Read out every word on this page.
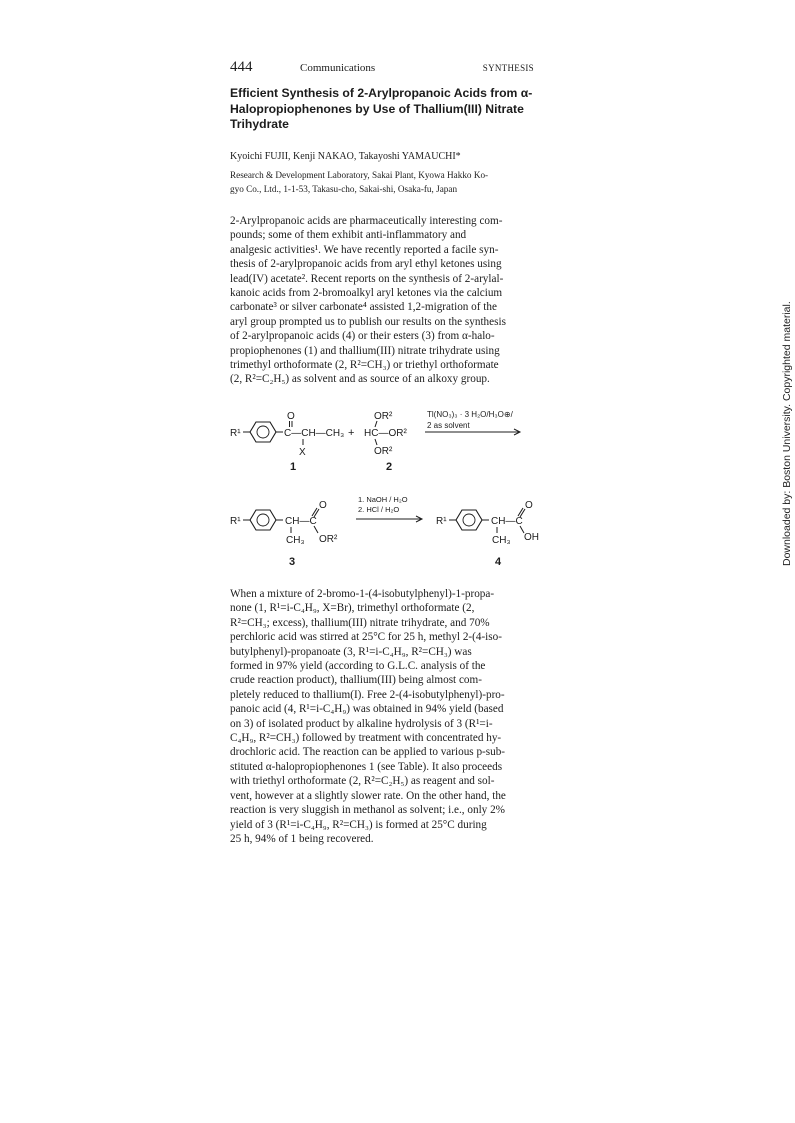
444	Communications	SYNTHESIS
Efficient Synthesis of 2-Arylpropanoic Acids from α-
Halopropiophenones by Use of Thallium(III) Nitrate
Trihydrate
Kyoichi FUJII, Kenji NAKAO, Takayoshi YAMAUCHI*
Research & Development Laboratory, Sakai Plant, Kyowa Hakko Ko-
gyo Co., Ltd., 1-1-53, Takasu-cho, Sakai-shi, Osaka-fu, Japan
2-Arylpropanoic acids are pharmaceutically interesting com-
pounds; some of them exhibit anti-inflammatory and
analgesic activities¹. We have recently reported a facile syn-
thesis of 2-arylpropanoic acids from aryl ethyl ketones using
lead(IV) acetate². Recent reports on the synthesis of 2-arylal-
kanoic acids from 2-bromoalkyl aryl ketones via the calcium
carbonate³ or silver carbonate⁴ assisted 1,2-migration of the
aryl group prompted us to publish our results on the synthesis
of 2-arylpropanoic acids (4) or their esters (3) from α-halo-
propiophenones (1) and thallium(III) nitrate trihydrate using
trimethyl orthoformate (2, R²=CH₃) or triethyl orthoformate
(2, R²=C₂H₅) as solvent and as source of an alkoxy group.
R¹
O
C—CH—CH₃
X
1
+
OR²
HC—OR²
OR²
2
Tl(NO₃)₃ · 3 H₂O/H₃O⊕/
2 as solvent
R¹	CH—C
O
OR²
CH₃
3
1. NaOH / H₂O
2. HCl / H₂O
R¹	CH—C
O
OH
CH₃
4
When a mixture of 2-bromo-1-(4-isobutylphenyl)-1-propa-
none (1, R¹=i-C₄H₉, X=Br), trimethyl orthoformate (2,
R²=CH₃; excess), thallium(III) nitrate trihydrate, and 70%
perchloric acid was stirred at 25°C for 25 h, methyl 2-(4-iso-
butylphenyl)-propanoate (3, R¹=i-C₄H₉, R²=CH₃) was
formed in 97% yield (according to G.L.C. analysis of the
crude reaction product), thallium(III) being almost com-
pletely reduced to thallium(I). Free 2-(4-isobutylphenyl)-pro-
panoic acid (4, R¹=i-C₄H₉) was obtained in 94% yield (based
on 3) of isolated product by alkaline hydrolysis of 3 (R¹=i-
C₄H₉, R²=CH₃) followed by treatment with concentrated hy-
drochloric acid. The reaction can be applied to various p-sub-
stituted α-halopropiophenones 1 (see Table). It also proceeds
with triethyl orthoformate (2, R²=C₂H₅) as reagent and sol-
vent, however at a slightly slower rate. On the other hand, the
reaction is very sluggish in methanol as solvent; i.e., only 2%
yield of 3 (R¹=i-C₄H₉, R²=CH₃) is formed at 25°C during
25 h, 94% of 1 being recovered.
Downloaded by: Boston University. Copyrighted material.
